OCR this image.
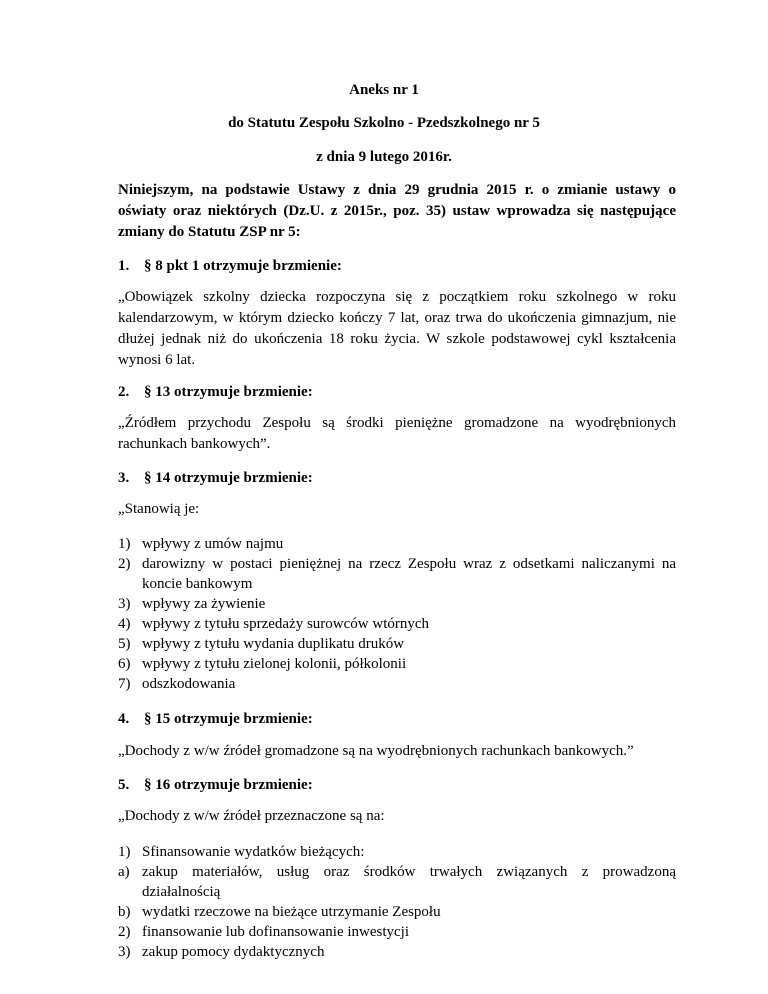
Aneks nr 1
do Statutu Zespołu Szkolno - Pzedszkolnego nr 5
z dnia 9 lutego 2016r.
Niniejszym, na podstawie Ustawy z dnia 29 grudnia 2015 r. o zmianie ustawy o
oświaty oraz niektórych (Dz.U. z 2015r., poz. 35) ustaw wprowadza się następujące
zmiany do Statutu ZSP nr 5:
1. § 8 pkt 1 otrzymuje brzmienie:
„Obowiązek szkolny dziecka rozpoczyna się z początkiem roku szkolnego w roku
kalendarzowym, w którym dziecko kończy 7 lat, oraz trwa do ukończenia gimnazjum, nie
dłużej jednak niż do ukończenia 18 roku życia. W szkole podstawowej cykl kształcenia
wynosi 6 lat.
2. § 13 otrzymuje brzmienie:
„Źródłem przychodu Zespołu są środki pieniężne gromadzone na wyodrębnionych
rachunkach bankowych”.
3. § 14 otrzymuje brzmienie:
„Stanowią je:
1) wpływy z umów najmu
2) darowizny w postaci pieniężnej na rzecz Zespołu wraz z odsetkami naliczanymi na
koncie bankowym
3) wpływy za żywienie
4) wpływy z tytułu sprzedaży surowców wtórnych
5) wpływy z tytułu wydania duplikatu druków
6) wpływy z tytułu zielonej kolonii, półkolonii
7) odszkodowania
4. § 15 otrzymuje brzmienie:
„Dochody z w/w źródeł gromadzone są na wyodrębnionych rachunkach bankowych.”
5. § 16 otrzymuje brzmienie:
„Dochody z w/w źródeł przeznaczone są na:
1) Sfinansowanie wydatków bieżących:
a) zakup materiałów, usług oraz środków trwałych związanych z prowadzoną
działalnością
b) wydatki rzeczowe na bieżące utrzymanie Zespołu
2) finansowanie lub dofinansowanie inwestycji
3) zakup pomocy dydaktycznych
